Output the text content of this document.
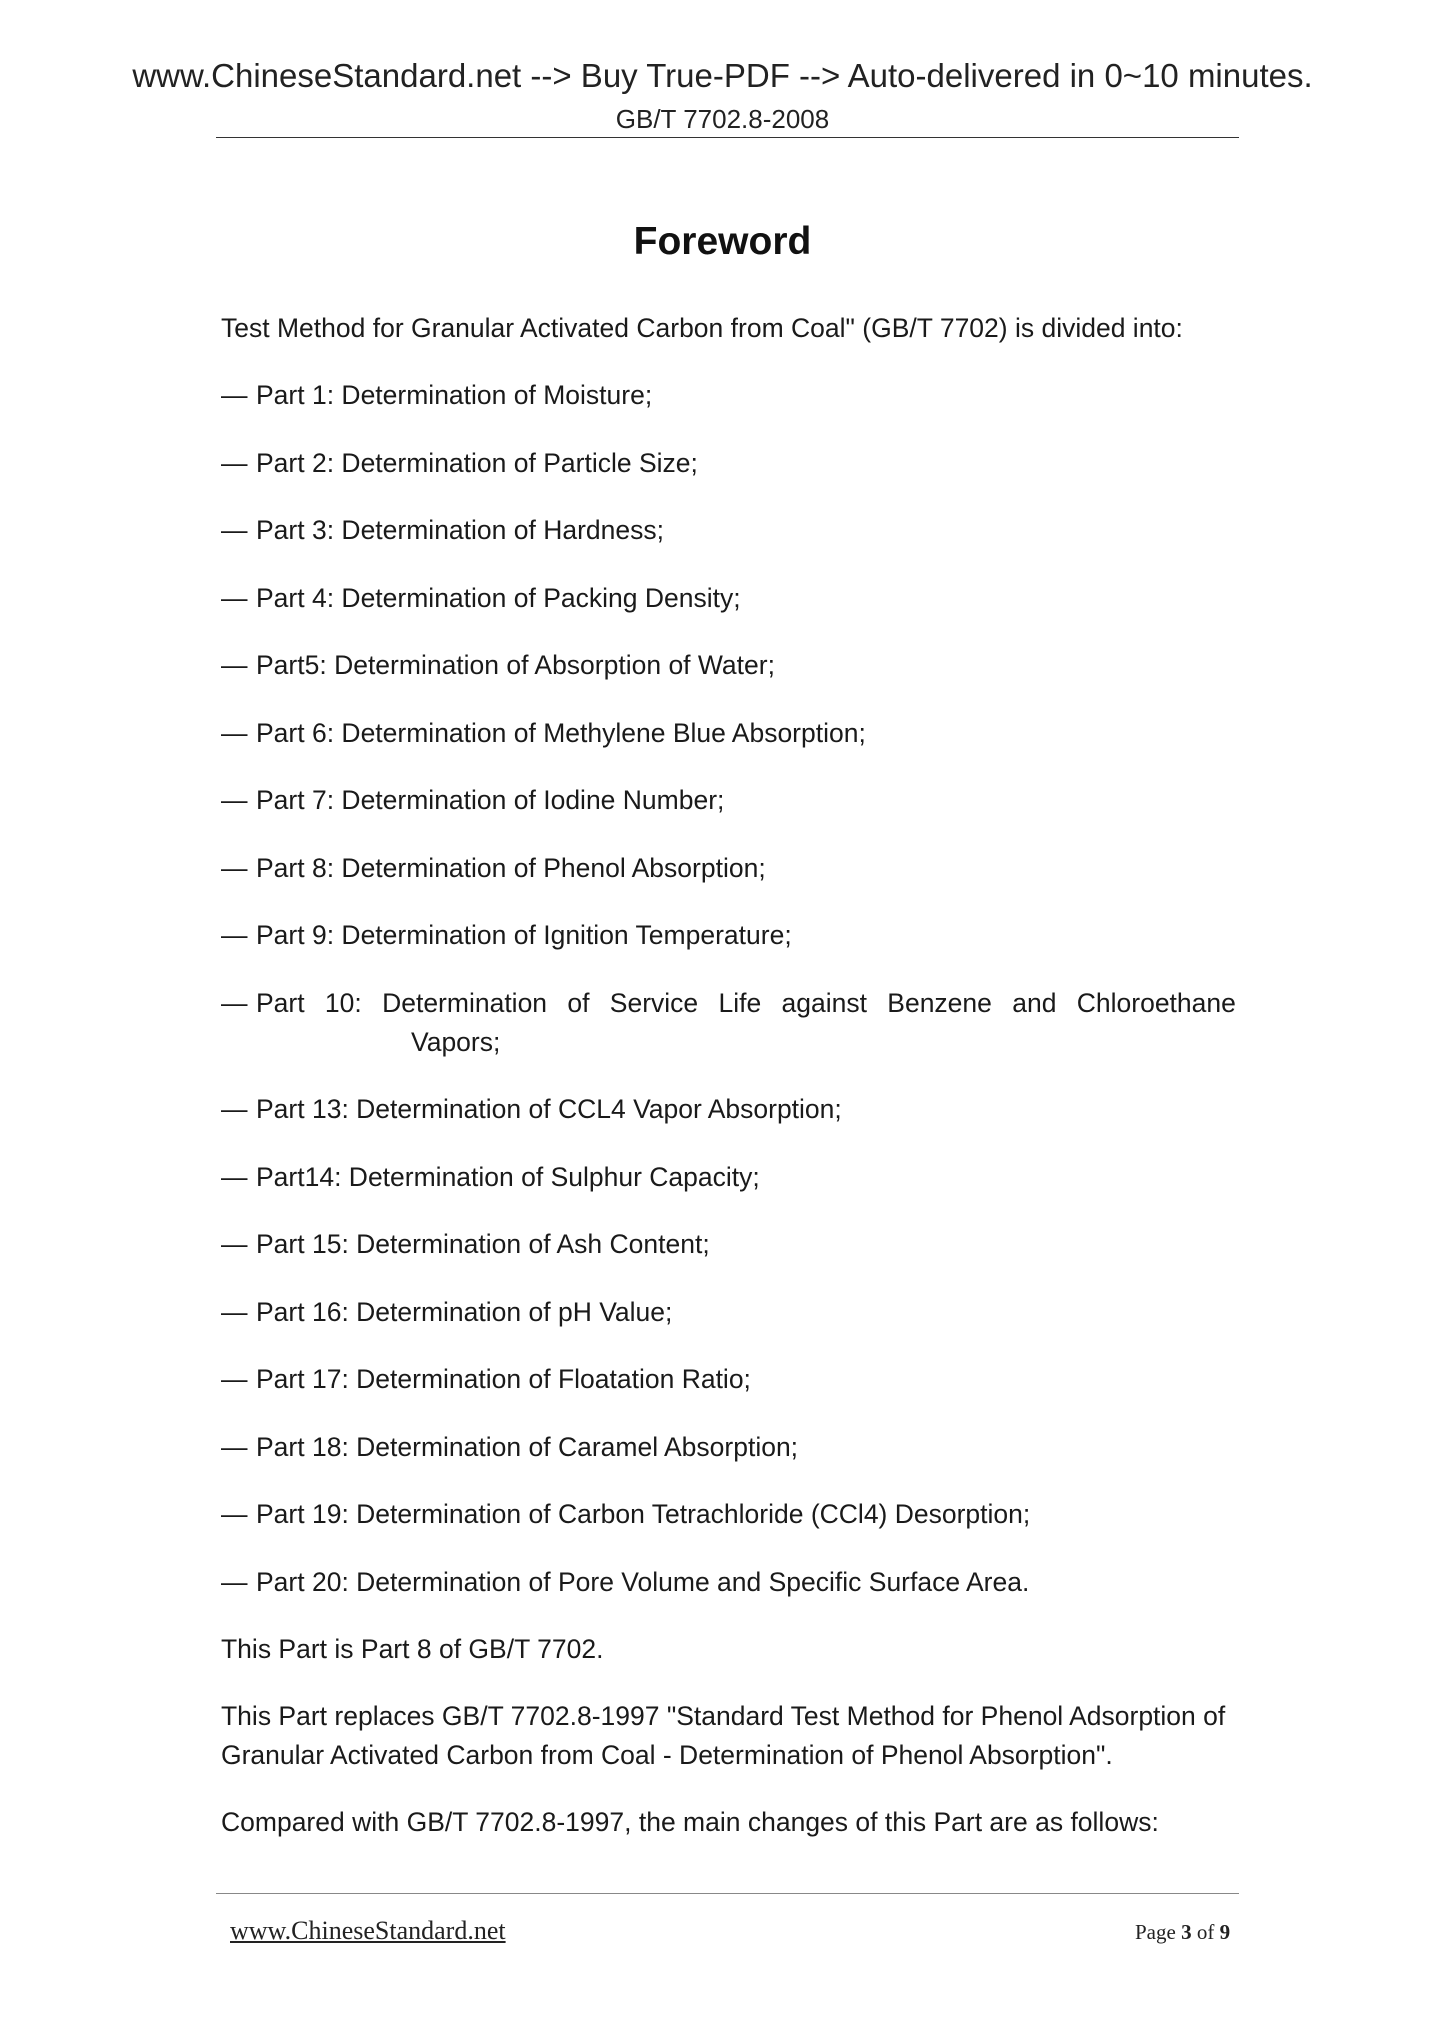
www.ChineseStandard.net --> Buy True-PDF --> Auto-delivered in 0~10 minutes.
GB/T 7702.8-2008
Foreword

Test Method for Granular Activated Carbon from Coal" (GB/T 7702) is divided into:

— Part 1: Determination of Moisture;
— Part 2: Determination of Particle Size;
— Part 3: Determination of Hardness;
— Part 4: Determination of Packing Density;
— Part5: Determination of Absorption of Water;
— Part 6: Determination of Methylene Blue Absorption;
— Part 7: Determination of Iodine Number;
— Part 8: Determination of Phenol Absorption;
— Part 9: Determination of Ignition Temperature;
— Part 10: Determination of Service Life against Benzene and Chloroethane
Vapors;
— Part 13: Determination of CCL4 Vapor Absorption;
— Part14: Determination of Sulphur Capacity;
— Part 15: Determination of Ash Content;
— Part 16: Determination of pH Value;
— Part 17: Determination of Floatation Ratio;
— Part 18: Determination of Caramel Absorption;
— Part 19: Determination of Carbon Tetrachloride (CCl4) Desorption;
— Part 20: Determination of Pore Volume and Specific Surface Area.

This Part is Part 8 of GB/T 7702.

This Part replaces GB/T 7702.8-1997 "Standard Test Method for Phenol Adsorption of Granular Activated Carbon from Coal - Determination of Phenol Absorption".

Compared with GB/T 7702.8-1997, the main changes of this Part are as follows:

www.ChineseStandard.net	Page 3 of 9
